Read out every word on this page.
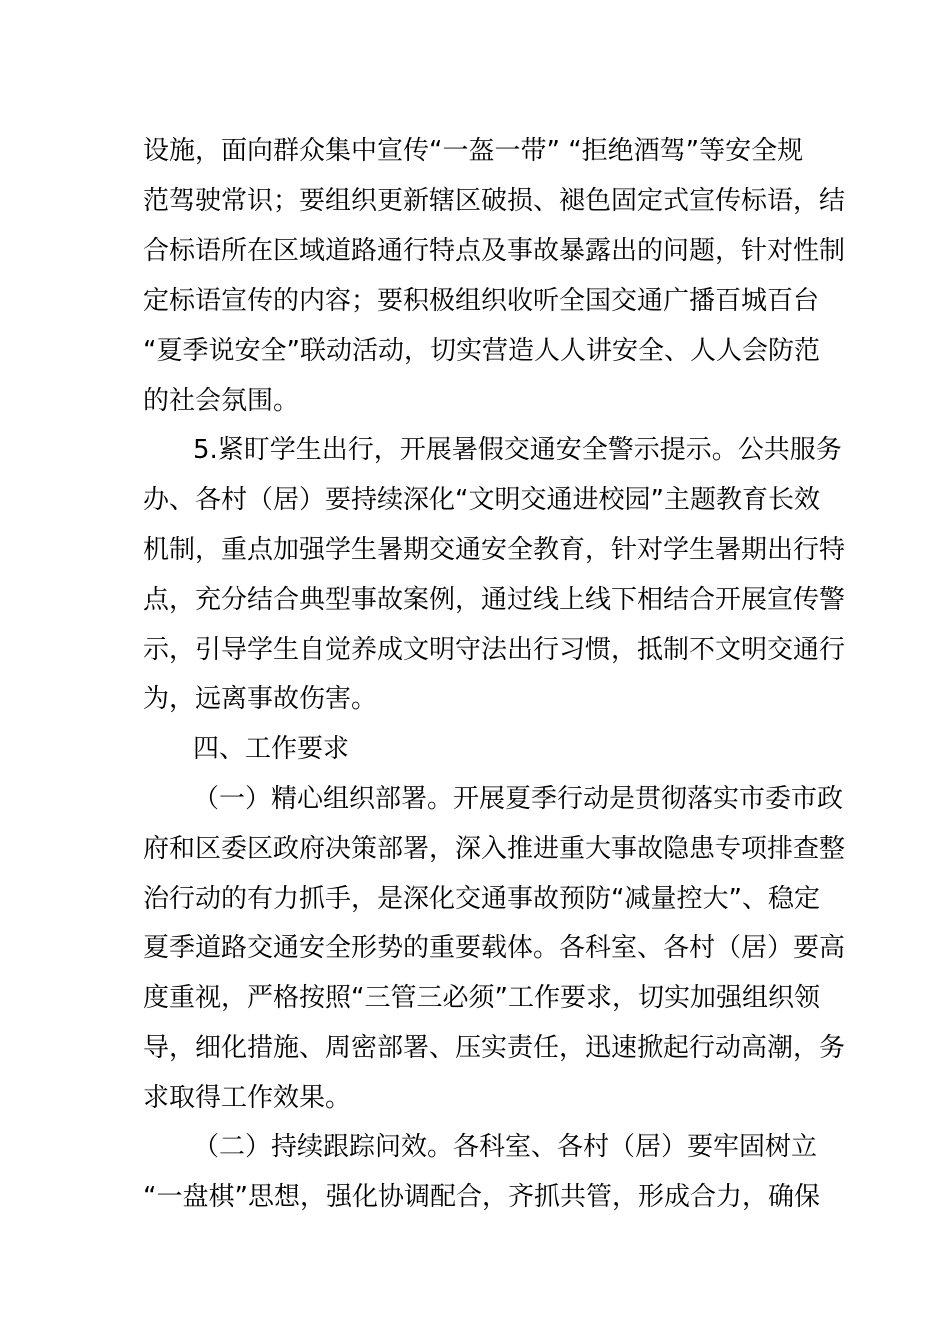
设施，面向群众集中宣传“一盔一带” “拒绝酒驾”等安全规
范驾驶常识；要组织更新辖区破损、褪色固定式宣传标语，结
合标语所在区域道路通行特点及事故暴露出的问题，针对性制
定标语宣传的内容；要积极组织收听全国交通广播百城百台
“夏季说安全”联动活动，切实营造人人讲安全、人人会防范
的社会氛围。
5.紧盯学生出行，开展暑假交通安全警示提示。公共服务
办、各村（居）要持续深化“文明交通进校园”主题教育长效
机制，重点加强学生暑期交通安全教育，针对学生暑期出行特
点，充分结合典型事故案例，通过线上线下相结合开展宣传警
示，引导学生自觉养成文明守法出行习惯，抵制不文明交通行
为，远离事故伤害。
四、工作要求
（一）精心组织部署。开展夏季行动是贯彻落实市委市政
府和区委区政府决策部署，深入推进重大事故隐患专项排查整
治行动的有力抓手，是深化交通事故预防“减量控大”、稳定
夏季道路交通安全形势的重要载体。各科室、各村（居）要高
度重视，严格按照“三管三必须”工作要求，切实加强组织领
导，细化措施、周密部署、压实责任，迅速掀起行动高潮，务
求取得工作效果。
（二）持续跟踪问效。各科室、各村（居）要牢固树立
“一盘棋”思想，强化协调配合，齐抓共管，形成合力，确保
